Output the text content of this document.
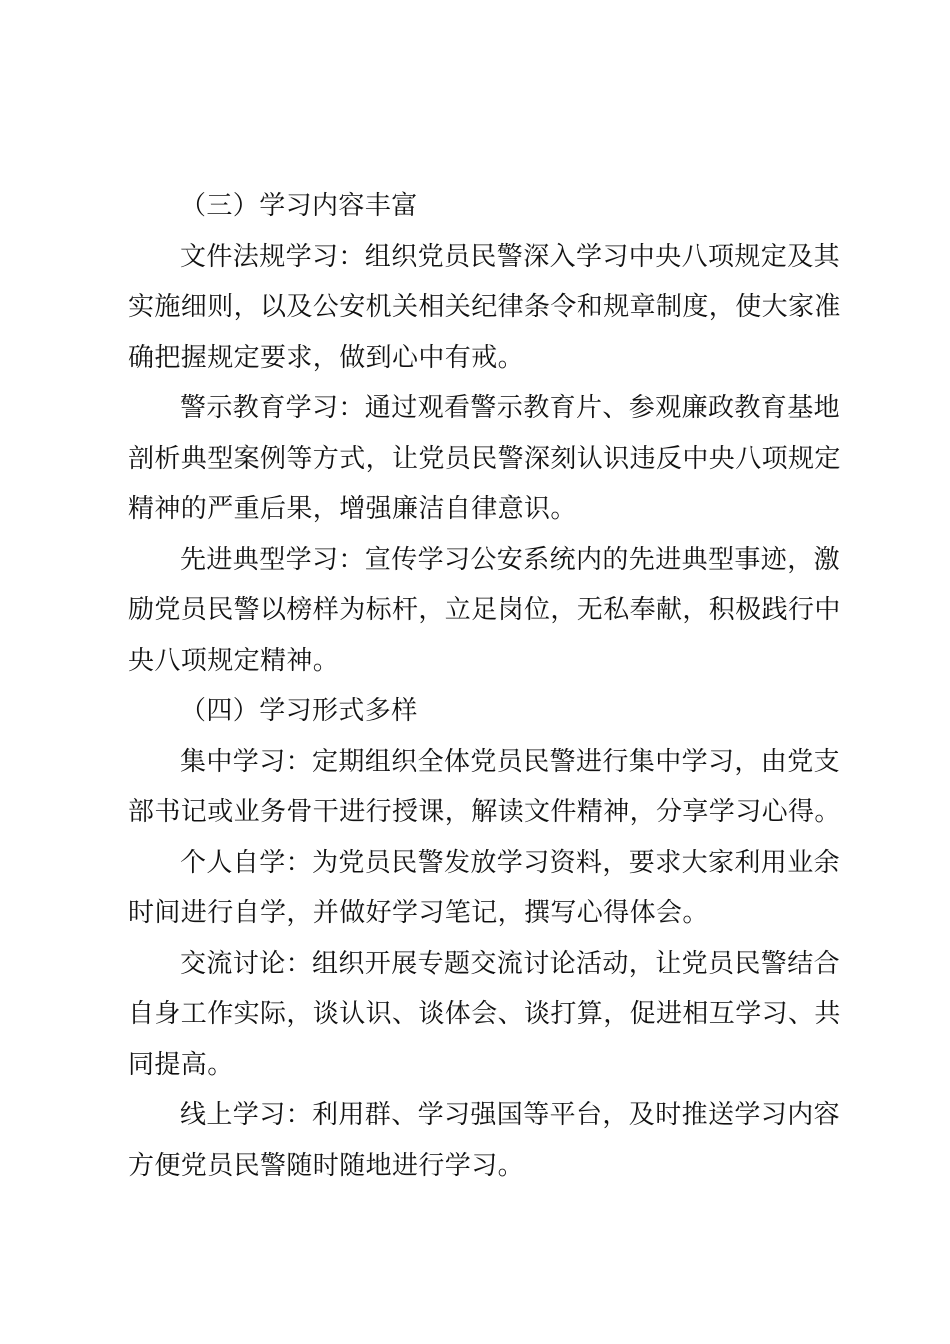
（三）学习内容丰富
文件法规学习：组织党员民警深入学习中央八项规定及其
实施细则，以及公安机关相关纪律条令和规章制度，使大家准
确把握规定要求，做到心中有戒。
警示教育学习：通过观看警示教育片、参观廉政教育基地
剖析典型案例等方式，让党员民警深刻认识违反中央八项规定
精神的严重后果，增强廉洁自律意识。
先进典型学习：宣传学习公安系统内的先进典型事迹，激
励党员民警以榜样为标杆，立足岗位，无私奉献，积极践行中
央八项规定精神。
（四）学习形式多样
集中学习：定期组织全体党员民警进行集中学习，由党支
部书记或业务骨干进行授课，解读文件精神，分享学习心得。
个人自学：为党员民警发放学习资料，要求大家利用业余
时间进行自学，并做好学习笔记，撰写心得体会。
交流讨论：组织开展专题交流讨论活动，让党员民警结合
自身工作实际，谈认识、谈体会、谈打算，促进相互学习、共
同提高。
线上学习：利用群、学习强国等平台，及时推送学习内容
方便党员民警随时随地进行学习。
